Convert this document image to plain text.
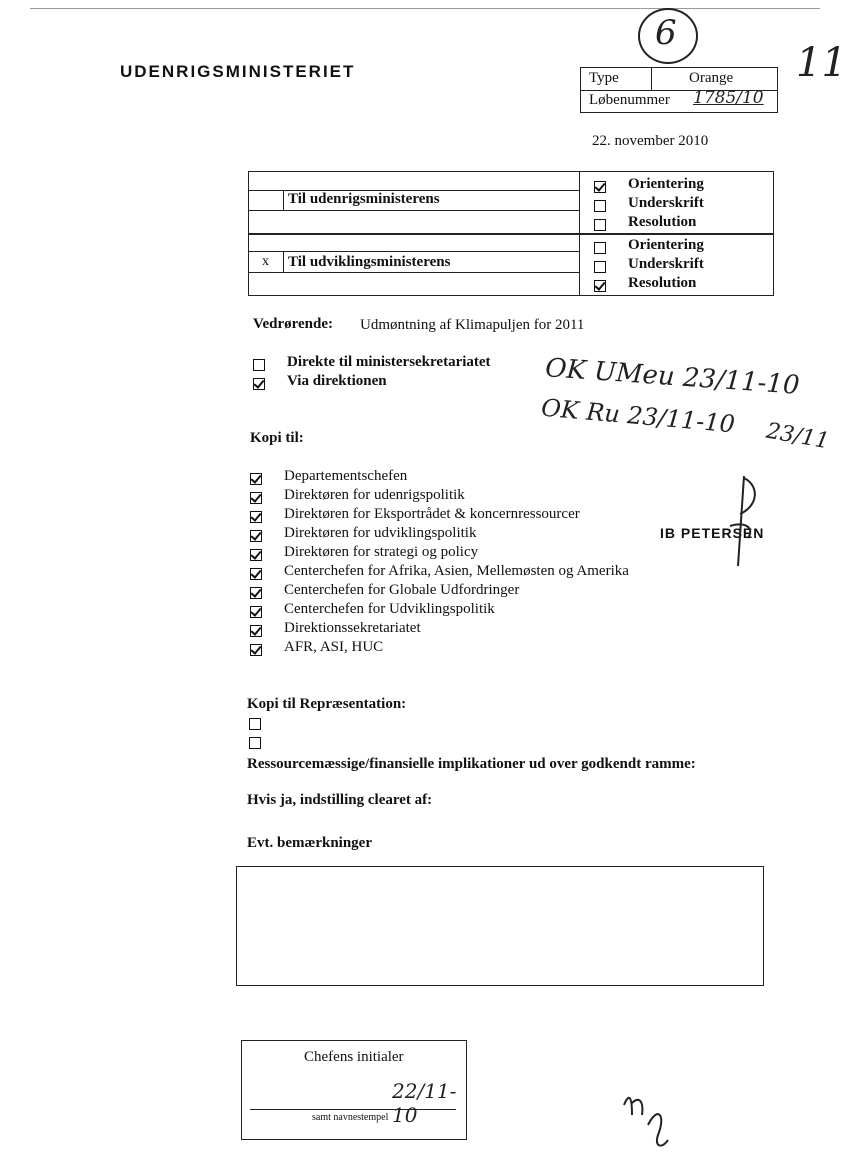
UDENRIGSMINISTERIET
6
11
Type	Orange
Løbenummer 1785/10
22. november 2010
Til udenrigsministerens
x Til udviklingsministerens
Orientering
Underskrift
Resolution
Orientering
Underskrift
Resolution
Vedrørende: Udmøntning af Klimapuljen for 2011
Direkte til ministersekretariatet
Via direktionen	OK UMeu 23/11-10
OK Ru 23/11-10 23/11
Kopi til:
Departementschefen
Direktøren for udenrigspolitik
Direktøren for Eksportrådet & koncernressourcer
Direktøren for udviklingspolitik
Direktøren for strategi og policy
Centerchefen for Afrika, Asien, Mellemøsten og Amerika
Centerchefen for Globale Udfordringer
Centerchefen for Udviklingspolitik
Direktionssekretariatet
AFR, ASI, HUC
IB PETERSEN
Kopi til Repræsentation:
Ressourcemæssige/finansielle implikationer ud over godkendt ramme:
Hvis ja, indstilling clearet af:
Evt. bemærkninger
Chefens initialer
22/11-10
samt navnestempel
